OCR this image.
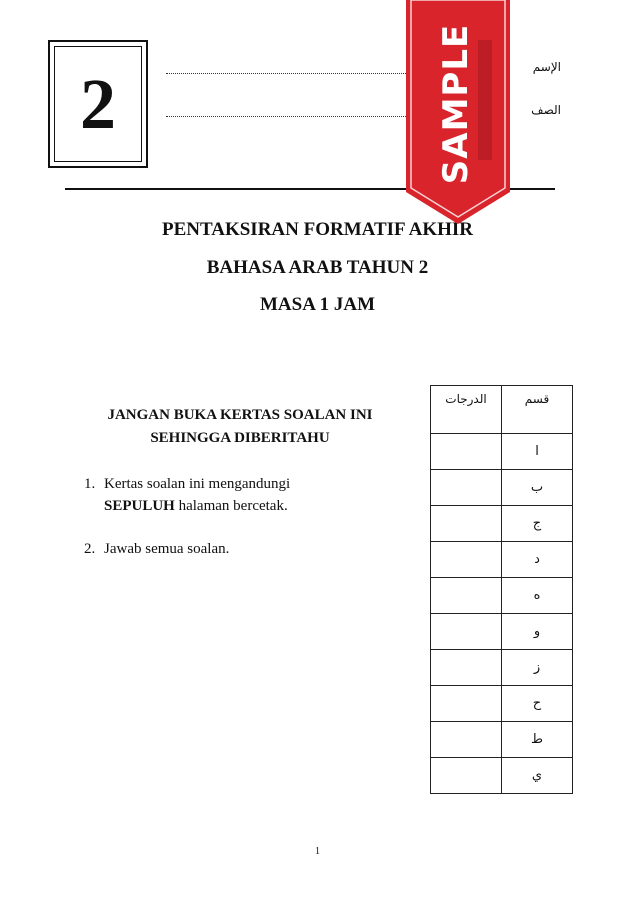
2	الإسم
الصف
PENTAKSIRAN FORMATIF AKHIR
BAHASA ARAB TAHUN 2
MASA 1 JAM
JANGAN BUKA KERTAS SOALAN INI
SEHINGGA DIBERITAHU
1. Kertas soalan ini mengandungi
SEPULUH halaman bercetak.
2. Jawab semua soalan.
الدرجات	قسم
	ا
	ب
	ج
	د
	ه
	و
	ز
	ح
	ط
	ي
1
SAMPLE
